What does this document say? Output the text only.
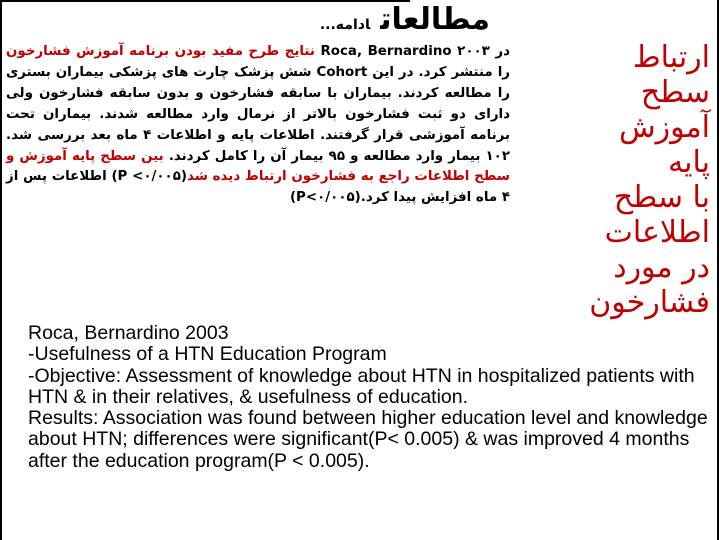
مطالعاتادامه...
ارتباط
سطح
آموزش
پایه
با سطح
اطلاعات
در مورد
فشارخون
در ۲۰۰۳ Roca, Bernardino نتایج طرح مفید بودن برنامه آموزش فشارخون را منتشر کرد. در این Cohort شش پزشک چارت های پزشکی بیماران بستری را مطالعه کردند. بیماران با سابقه فشارخون و بدون سابقه فشارخون ولی دارای دو ثبت فشارخون بالاتر از نرمال وارد مطالعه شدند. بیماران تحت برنامه آموزشی قرار گرفتند. اطلاعات پایه و اطلاعات ۴ ماه بعد بررسی شد. ۱۰۲ بیمار وارد مطالعه و ۹۵ بیمار آن را کامل کردند. بین سطح پایه آموزش و سطح اطلاعات راجع به فشارخون ارتباط دیده شد(P <۰/۰۰۵) اطلاعات پس از ۴ ماه افزایش پیدا کرد(P<۰/۰۰۵).
Roca, Bernardino 2003
-Usefulness of a HTN Education Program
-Objective: Assessment of knowledge about HTN in hospitalized patients with HTN & in their relatives, & usefulness of education.
Results: Association was found between higher education level and knowledge about HTN; differences were significant(P< 0.005) & was improved 4 months after the education program(P < 0.005).
